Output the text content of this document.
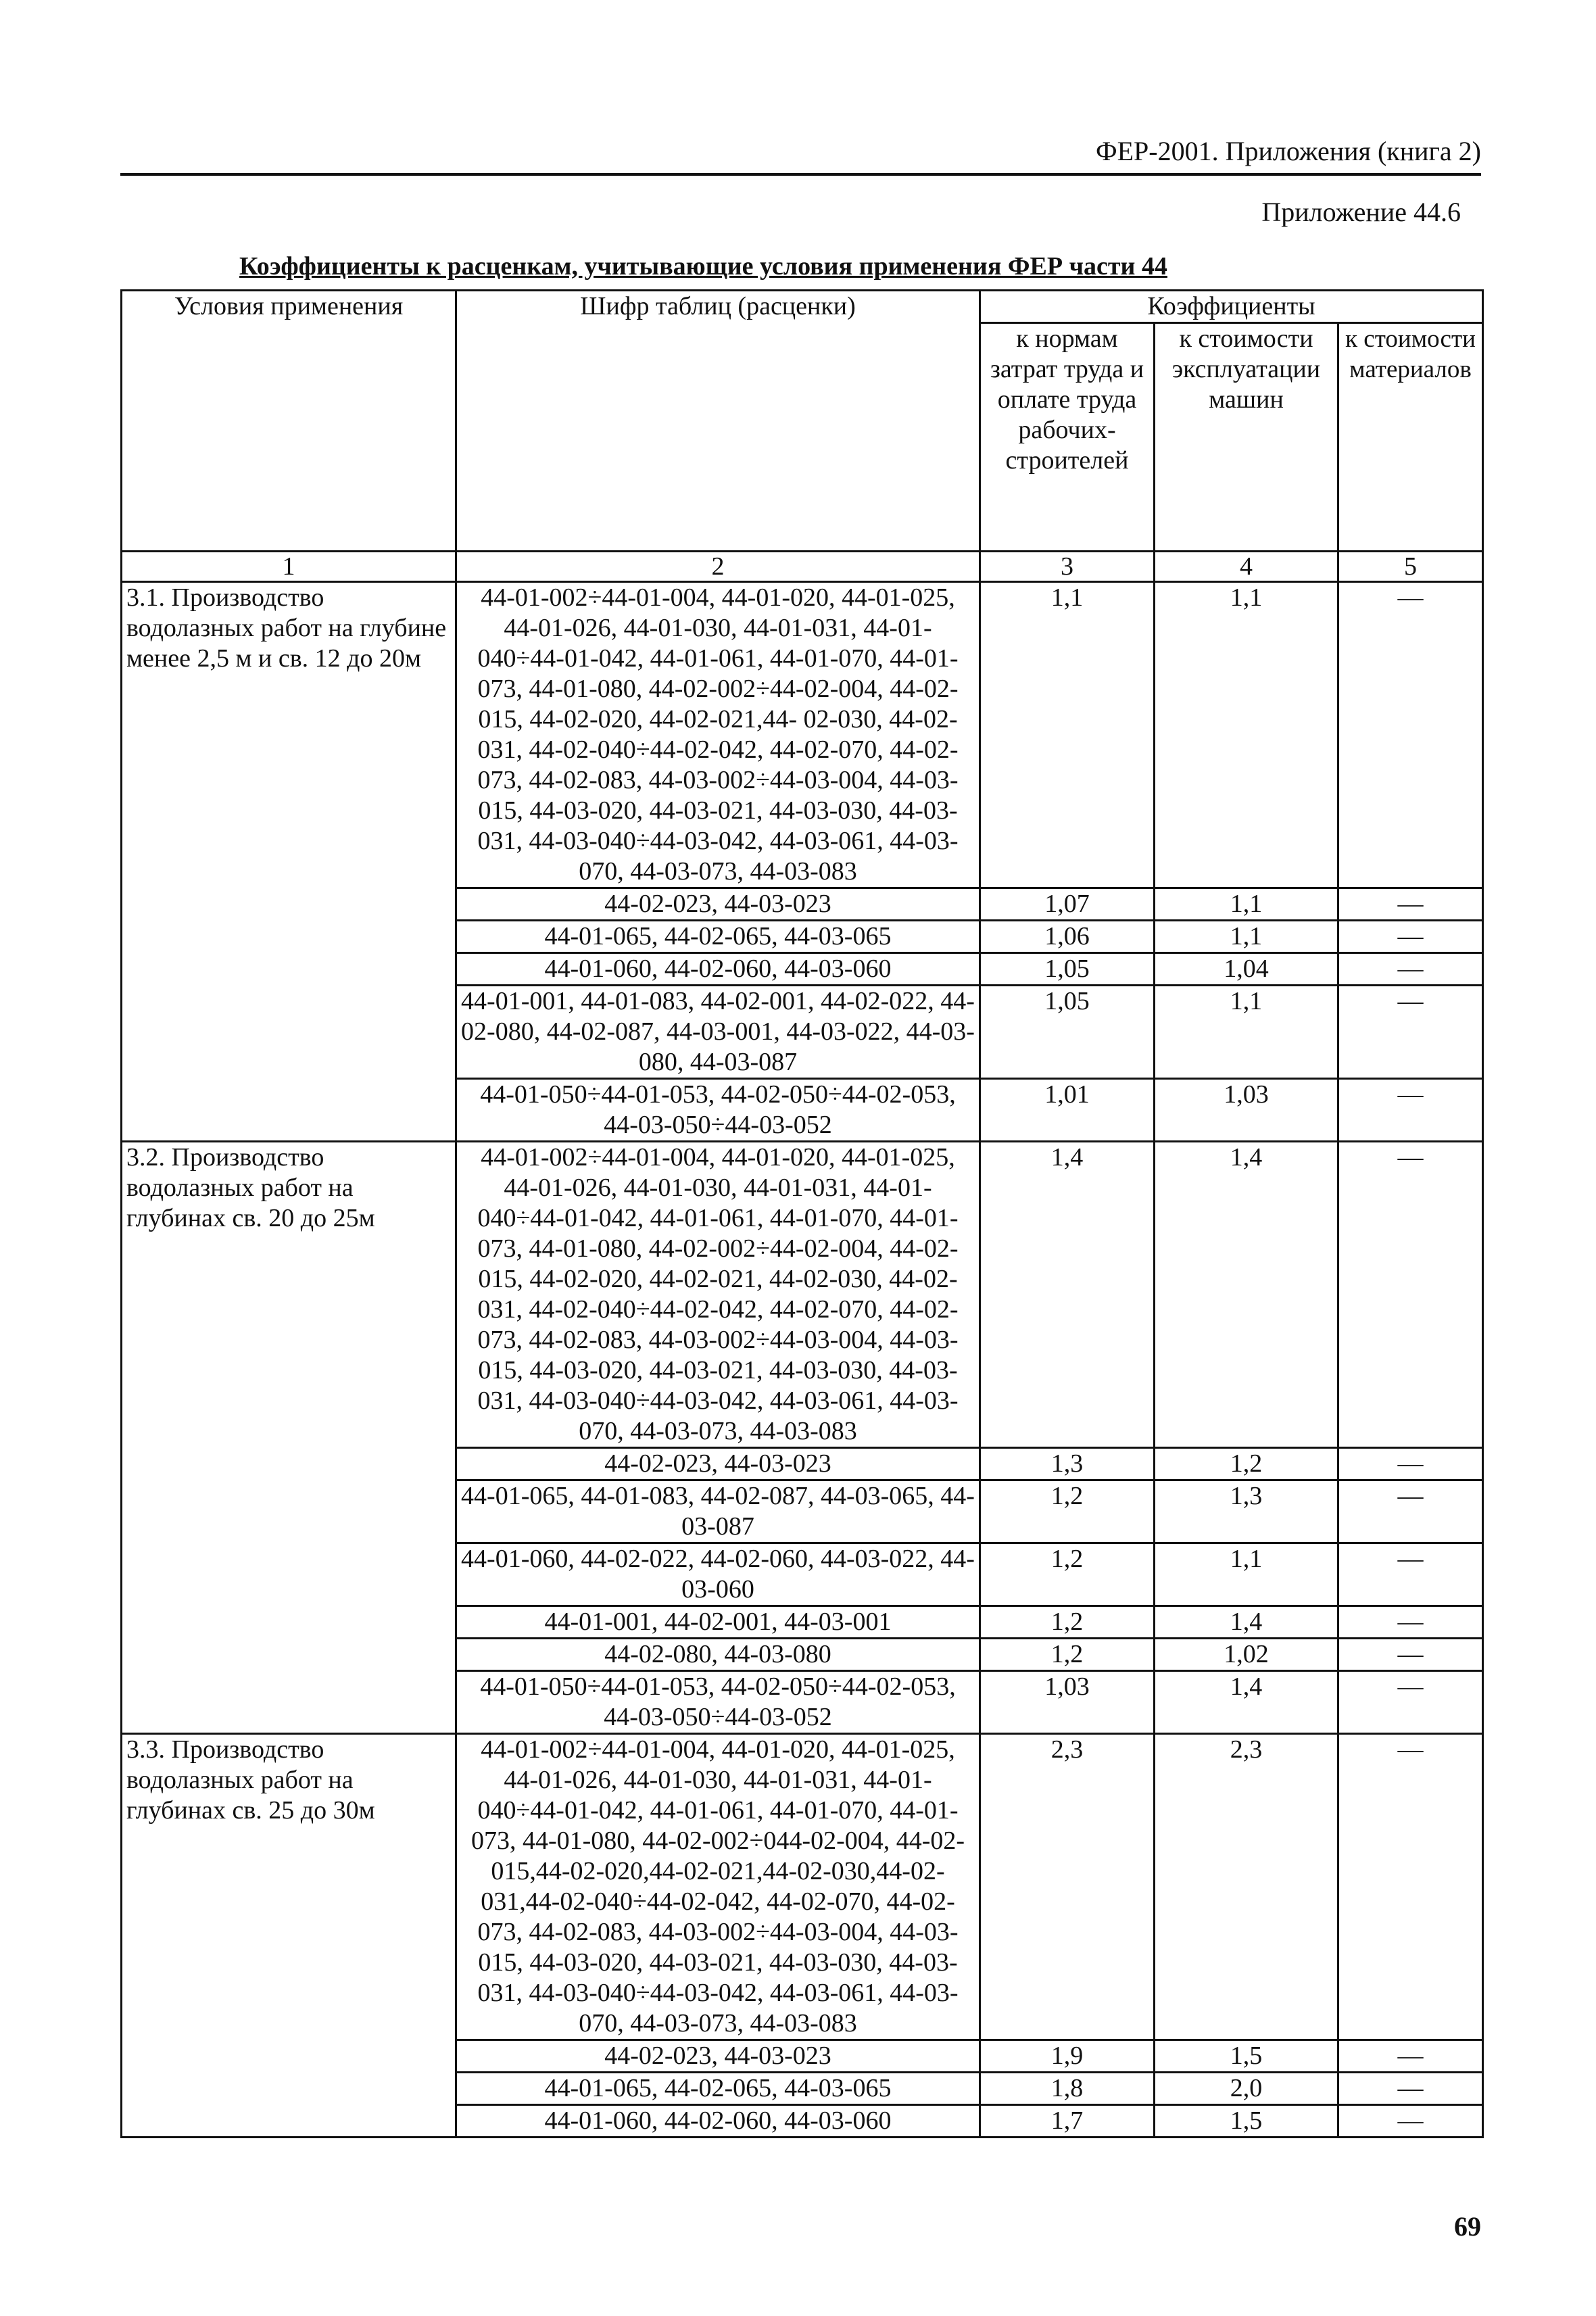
ФЕР-2001. Приложения (книга 2)
Приложение 44.6
Коэффициенты к расценкам, учитывающие условия применения ФЕР части 44
Условия применения	Шифр таблиц (расценки)	Коэффициенты		
		к нормам затрат труда и оплате труда рабочих-строителей	к стоимости эксплуатации машин	к стоимости материалов
1	2	3	4	5
3.1. Производство водолазных работ на глубине менее 2,5 м и св. 12 до 20м	44-01-002÷44-01-004, 44-01-020, 44-01-025, 44-01-026, 44-01-030, 44-01-031, 44-01-040÷44-01-042, 44-01-061, 44-01-070, 44-01-073, 44-01-080, 44-02-002÷44-02-004, 44-02-015, 44-02-020, 44-02-021,44- 02-030, 44-02-031, 44-02-040÷44-02-042, 44-02-070, 44-02-073, 44-02-083, 44-03-002÷44-03-004, 44-03-015, 44-03-020, 44-03-021, 44-03-030, 44-03-031, 44-03-040÷44-03-042, 44-03-061, 44-03-070, 44-03-073, 44-03-083	1,1	1,1	—
	44-02-023, 44-03-023	1,07	1,1	—
	44-01-065, 44-02-065, 44-03-065	1,06	1,1	—
	44-01-060, 44-02-060, 44-03-060	1,05	1,04	—
	44-01-001, 44-01-083, 44-02-001, 44-02-022, 44-02-080, 44-02-087, 44-03-001, 44-03-022, 44-03-080, 44-03-087	1,05	1,1	—
	44-01-050÷44-01-053, 44-02-050÷44-02-053, 44-03-050÷44-03-052	1,01	1,03	—
3.2. Производство водолазных работ на глубинах св. 20 до 25м	44-01-002÷44-01-004, 44-01-020, 44-01-025, 44-01-026, 44-01-030, 44-01-031, 44-01-040÷44-01-042, 44-01-061, 44-01-070, 44-01-073, 44-01-080, 44-02-002÷44-02-004, 44-02-015, 44-02-020, 44-02-021, 44-02-030, 44-02-031, 44-02-040÷44-02-042, 44-02-070, 44-02-073, 44-02-083, 44-03-002÷44-03-004, 44-03-015, 44-03-020, 44-03-021, 44-03-030, 44-03-031, 44-03-040÷44-03-042, 44-03-061, 44-03-070, 44-03-073, 44-03-083	1,4	1,4	—
	44-02-023, 44-03-023	1,3	1,2	—
	44-01-065, 44-01-083, 44-02-087, 44-03-065, 44-03-087	1,2	1,3	—
	44-01-060, 44-02-022, 44-02-060, 44-03-022, 44-03-060	1,2	1,1	—
	44-01-001, 44-02-001, 44-03-001	1,2	1,4	—
	44-02-080, 44-03-080	1,2	1,02	—
	44-01-050÷44-01-053, 44-02-050÷44-02-053, 44-03-050÷44-03-052	1,03	1,4	—
3.3. Производство водолазных работ на глубинах св. 25 до 30м	44-01-002÷44-01-004, 44-01-020, 44-01-025, 44-01-026, 44-01-030, 44-01-031, 44-01-040÷44-01-042, 44-01-061, 44-01-070, 44-01-073, 44-01-080, 44-02-002÷044-02-004, 44-02-015,44-02-020,44-02-021,44-02-030,44-02-031,44-02-040÷44-02-042, 44-02-070, 44-02-073, 44-02-083, 44-03-002÷44-03-004, 44-03-015, 44-03-020, 44-03-021, 44-03-030, 44-03-031, 44-03-040÷44-03-042, 44-03-061, 44-03-070, 44-03-073, 44-03-083	2,3	2,3	—
	44-02-023, 44-03-023	1,9	1,5	—
	44-01-065, 44-02-065, 44-03-065	1,8	2,0	—
	44-01-060, 44-02-060, 44-03-060	1,7	1,5	—
69
